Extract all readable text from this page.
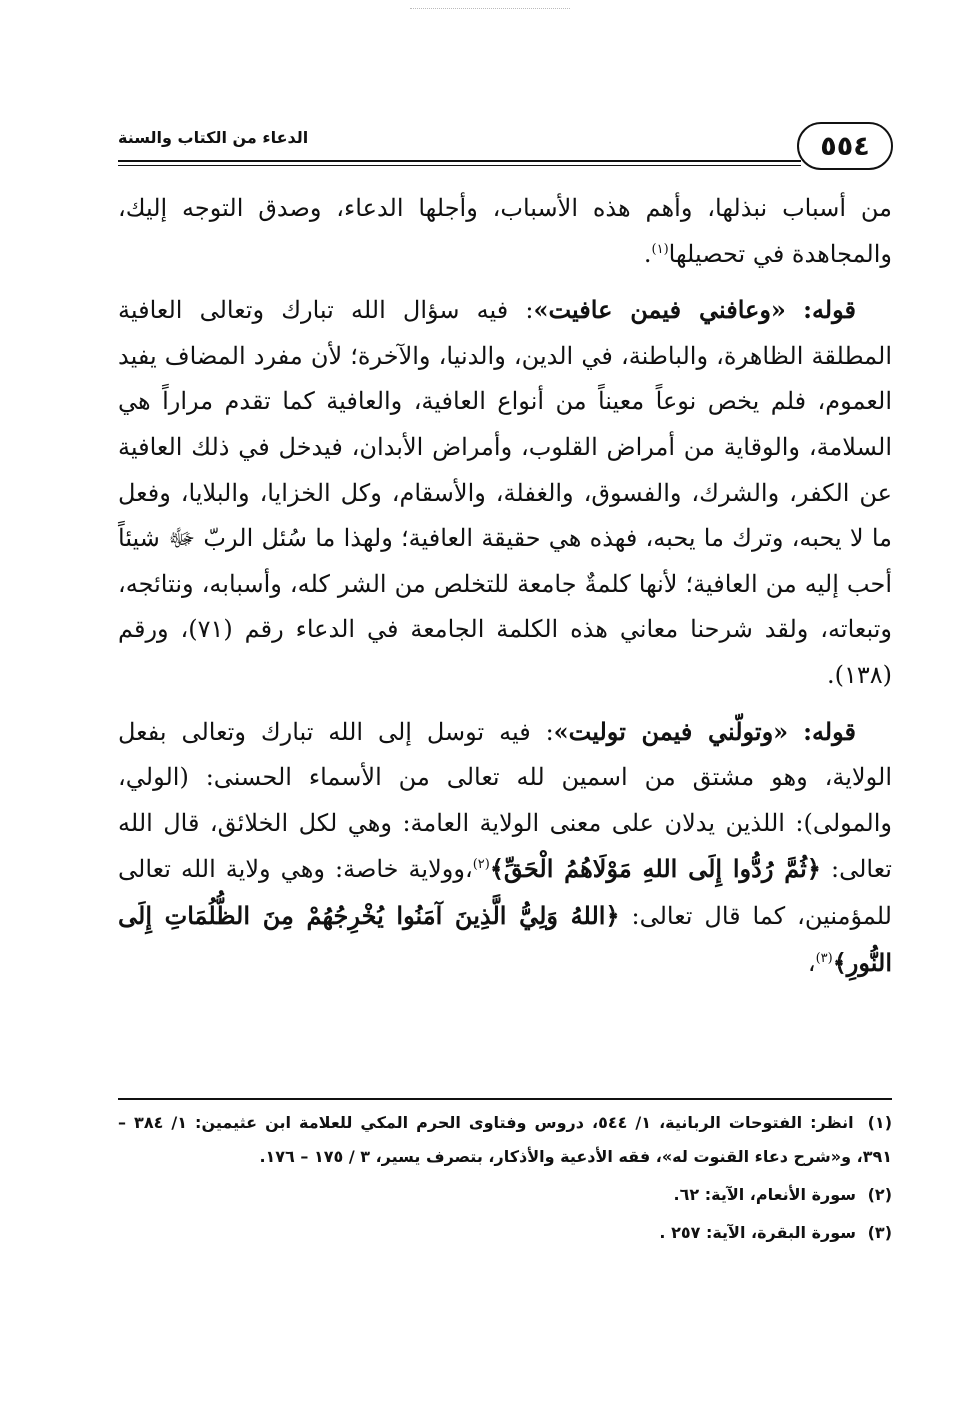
٥٥٤
الدعاء من الكتاب والسنة

من أسباب نبذلها، وأهم هذه الأسباب، وأجلها الدعاء، وصدق التوجه إليك، والمجاهدة في تحصيلها$^{(١)}$.

قوله: «وعافني فيمن عافيت»: فيه سؤال الله تبارك وتعالى العافية المطلقة الظاهرة، والباطنة، في الدين، والدنيا، والآخرة؛ لأن مفرد المضاف يفيد العموم، فلم يخص نوعاً معيناً من أنواع العافية، والعافية كما تقدم مراراً هي السلامة، والوقاية من أمراض القلوب، وأمراض الأبدان، فيدخل في ذلك العافية عن الكفر، والشرك، والفسوق، والغفلة، والأسقام، وكل الخزايا، والبلايا، وفعل ما لا يحبه، وترك ما يحبه، فهذه هي حقيقة العافية؛ ولهذا ما سُئل الربّ ﷻ شيئاً أحب إليه من العافية؛ لأنها كلمةٌ جامعة للتخلص من الشر كله، وأسبابه، ونتائجه، وتبعاته، ولقد شرحنا معاني هذه الكلمة الجامعة في الدعاء رقم (٧١)، ورقم (١٣٨).

قوله: «وتولّني فيمن توليت»: فيه توسل إلى الله تبارك وتعالى بفعل الولاية، وهو مشتق من اسمين لله تعالى من الأسماء الحسنى: (الولي، والمولى): اللذين يدلان على معنى الولاية العامة: وهي لكل الخلائق، قال الله تعالى: ﴿ثُمَّ رُدُّوا إِلَى اللهِ مَوْلَاهُمُ الْحَقِّ﴾$^{(٢)}$،وولاية خاصة: وهي ولاية الله تعالى للمؤمنين، كما قال تعالى: ﴿اللهُ وَلِيُّ الَّذِينَ آمَنُوا يُخْرِجُهُمْ مِنَ الظُّلُمَاتِ إِلَى النُّورِ﴾$^{(٣)}$،

(١) انظر: الفتوحات الربانية، ١/ ٥٤٤، دروس وفتاوى الحرم المكي للعلامة ابن عثيمين: ١/ ٣٨٤ – ٣٩١، و«شرح دعاء القنوت له»، فقه الأدعية والأذكار، بتصرف يسير، ٣ / ١٧٥ – ١٧٦.
(٢) سورة الأنعام، الآية: ٦٢.
(٣) سورة البقرة، الآية: ٢٥٧ .
